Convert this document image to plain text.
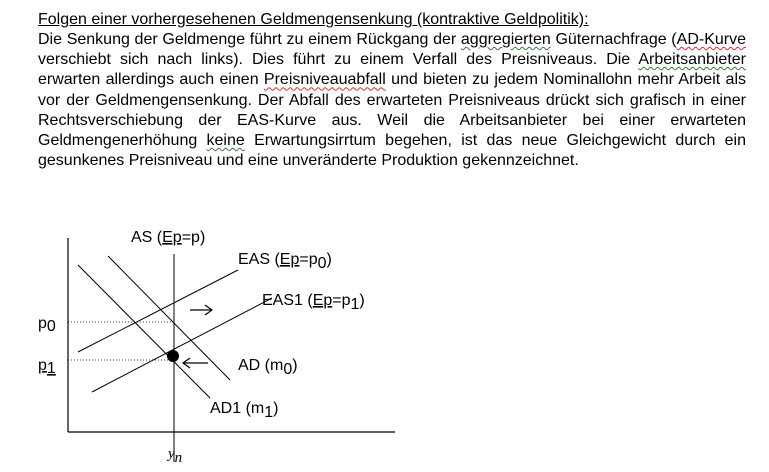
Folgen einer vorhergesehenen Geldmengensenkung (kontraktive Geldpolitik):
Die Senkung der Geldmenge führt zu einem Rückgang der aggregierten Güternachfrage (AD-Kurve verschiebt sich nach links). Dies führt zu einem Verfall des Preisniveaus. Die Arbeitsanbieter erwarten allerdings auch einen Preisniveauabfall und bieten zu jedem Nominallohn mehr Arbeit als vor der Geldmengensenkung. Der Abfall des erwarteten Preisniveaus drückt sich grafisch in einer Rechtsverschiebung der EAS-Kurve aus. Weil die Arbeitsanbieter bei einer erwarteten Geldmengenerhöhung keine Erwartungsirrtum begehen, ist das neue Gleichgewicht durch ein gesunkenes Preisniveau und eine unveränderte Produktion gekennzeichnet.
AS (Ep=p)
EAS (Ep=p0)
EAS1 (Ep=p1)
AD (m0)
AD1 (m1)
p0
p1
yn
